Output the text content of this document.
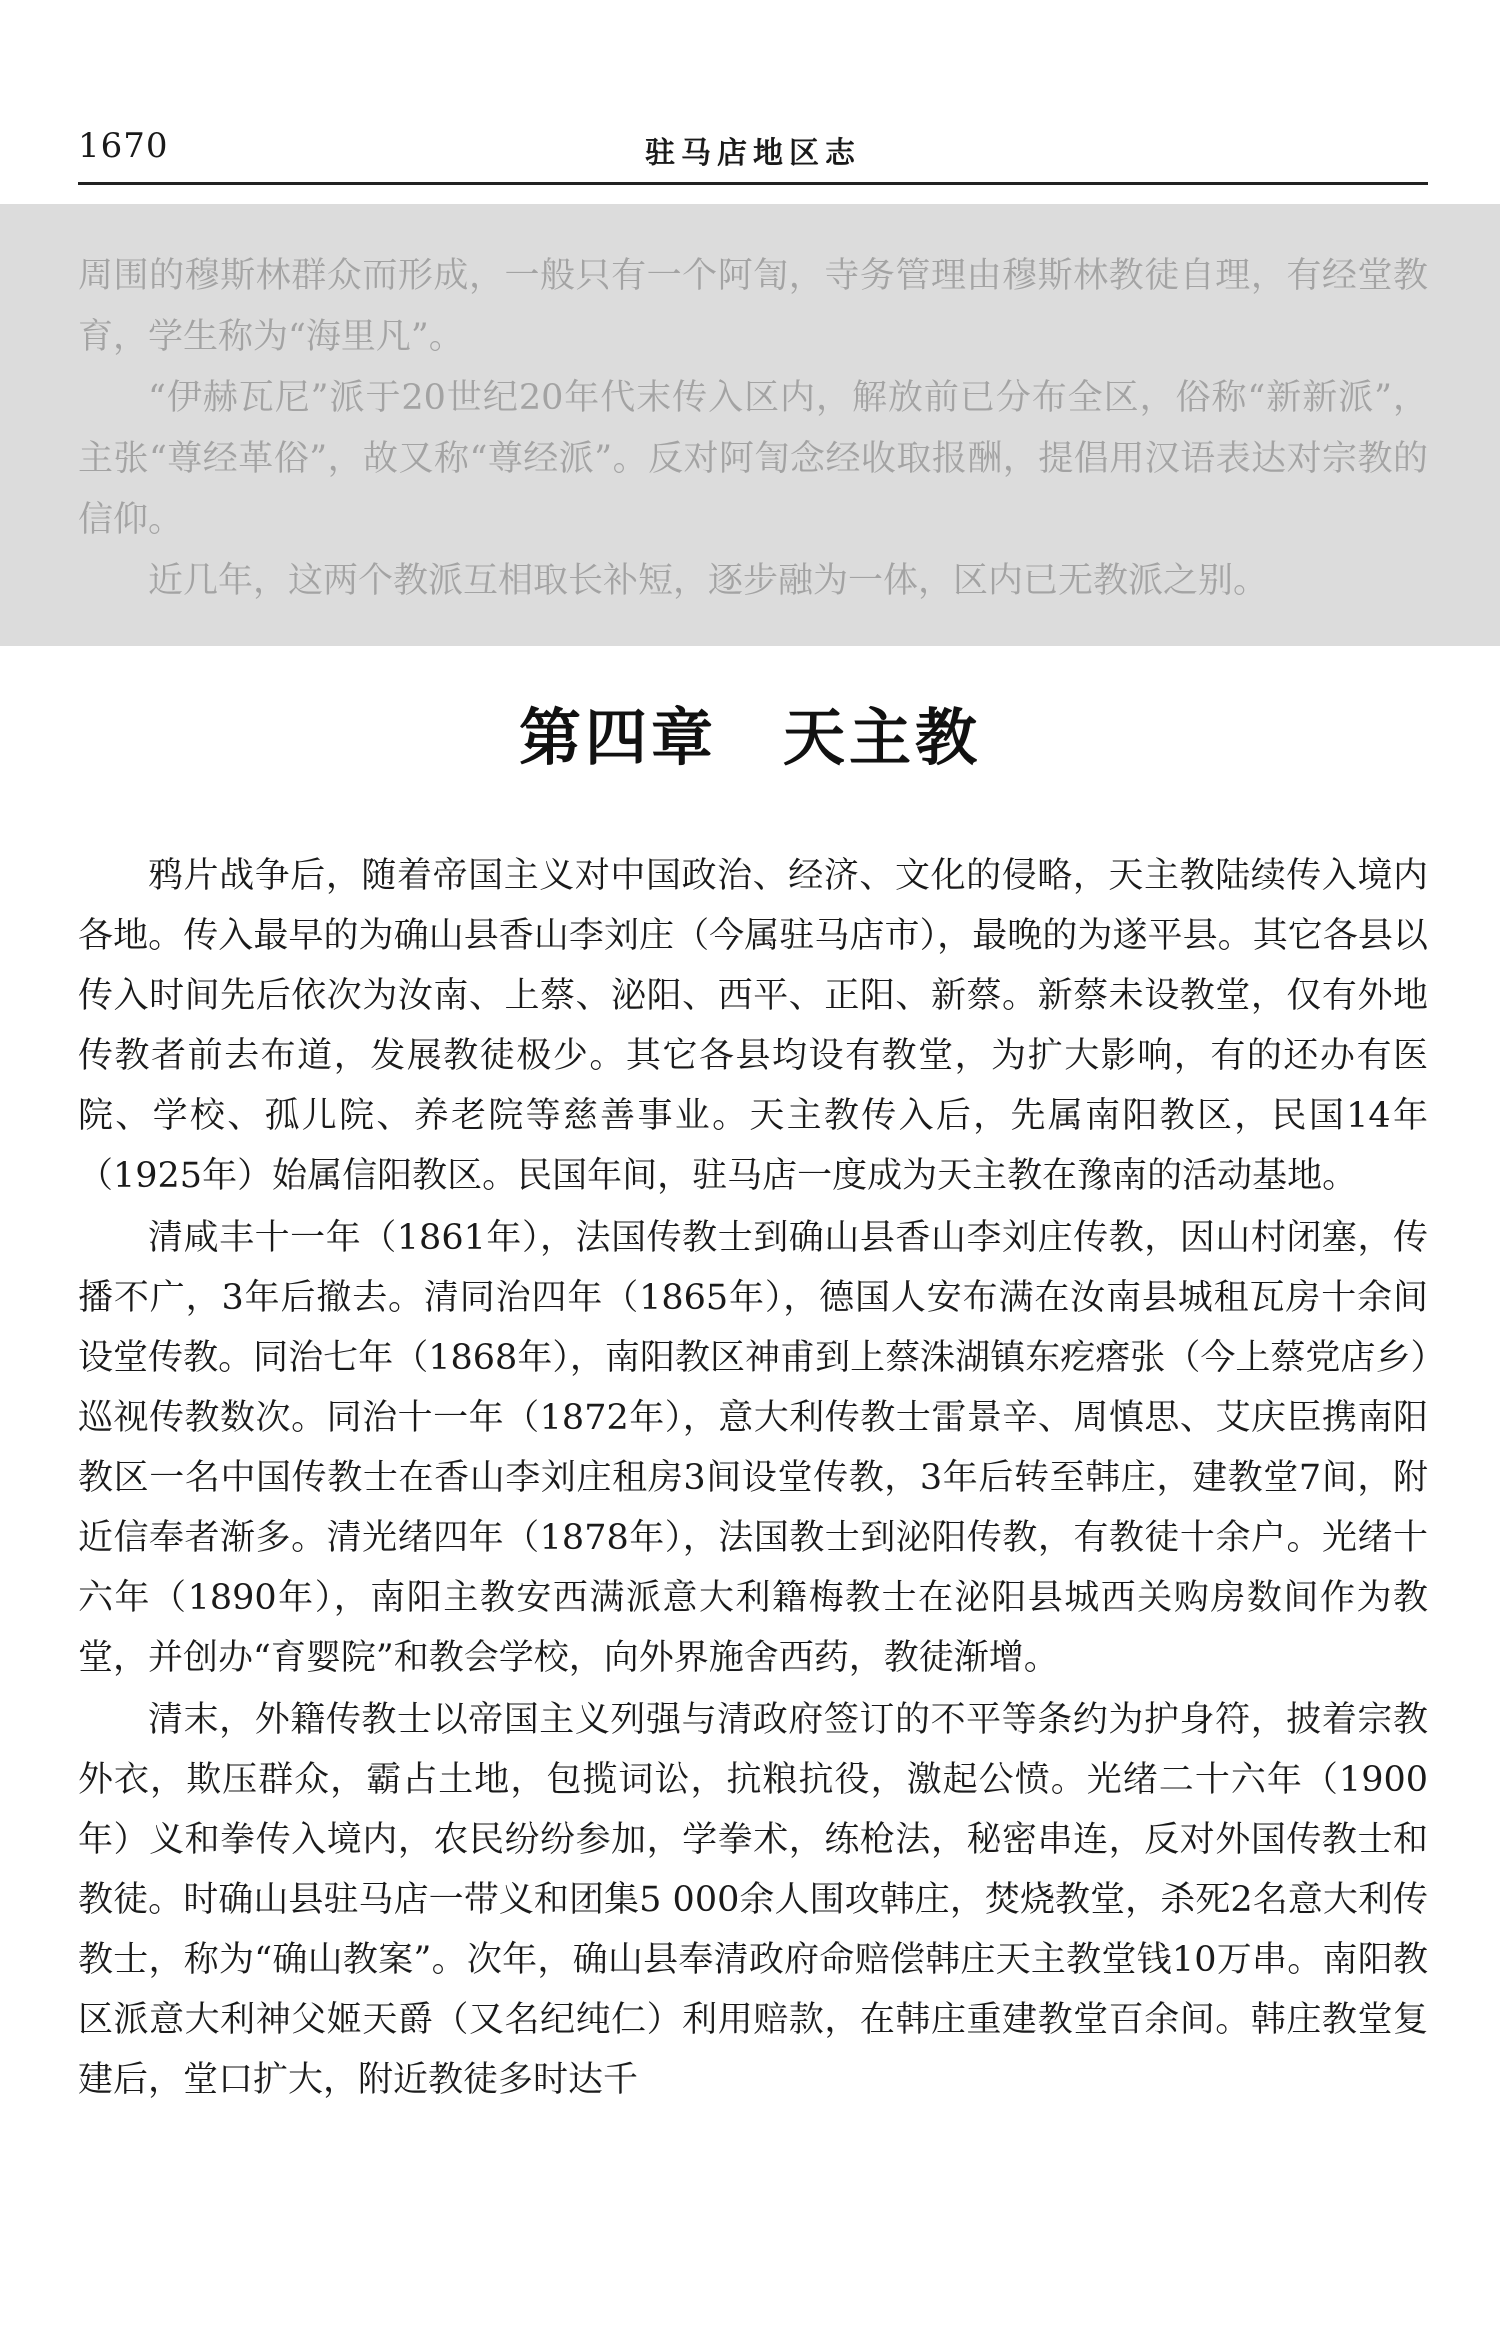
1670	驻马店地区志

周围的穆斯林群众而形成，一般只有一个阿訇，寺务管理由穆斯林教徒自理，有经堂教育，学生称为“海里凡”。

“伊赫瓦尼”派于20世纪20年代末传入区内，解放前已分布全区，俗称“新新派”，主张“尊经革俗”，故又称“尊经派”。反对阿訇念经收取报酬，提倡用汉语表达对宗教的信仰。

近几年，这两个教派互相取长补短，逐步融为一体，区内已无教派之别。

第四章　天主教

鸦片战争后，随着帝国主义对中国政治、经济、文化的侵略，天主教陆续传入境内各地。传入最早的为确山县香山李刘庄（今属驻马店市），最晚的为遂平县。其它各县以传入时间先后依次为汝南、上蔡、泌阳、西平、正阳、新蔡。新蔡未设教堂，仅有外地传教者前去布道，发展教徒极少。其它各县均设有教堂，为扩大影响，有的还办有医院、学校、孤儿院、养老院等慈善事业。天主教传入后，先属南阳教区，民国14年（1925年）始属信阳教区。民国年间，驻马店一度成为天主教在豫南的活动基地。

清咸丰十一年（1861年），法国传教士到确山县香山李刘庄传教，因山村闭塞，传播不广，3年后撤去。清同治四年（1865年），德国人安布满在汝南县城租瓦房十余间设堂传教。同治七年（1868年），南阳教区神甫到上蔡洙湖镇东疙瘩张（今上蔡党店乡）巡视传教数次。同治十一年（1872年），意大利传教士雷景辛、周慎思、艾庆臣携南阳教区一名中国传教士在香山李刘庄租房3间设堂传教，3年后转至韩庄，建教堂7间，附近信奉者渐多。清光绪四年（1878年），法国教士到泌阳传教，有教徒十余户。光绪十六年（1890年），南阳主教安西满派意大利籍梅教士在泌阳县城西关购房数间作为教堂，并创办“育婴院”和教会学校，向外界施舍西药，教徒渐增。

清末，外籍传教士以帝国主义列强与清政府签订的不平等条约为护身符，披着宗教外衣，欺压群众，霸占土地，包揽词讼，抗粮抗役，激起公愤。光绪二十六年（1900年）义和拳传入境内，农民纷纷参加，学拳术，练枪法，秘密串连，反对外国传教士和教徒。时确山县驻马店一带义和团集5 000余人围攻韩庄，焚烧教堂，杀死2名意大利传教士，称为“确山教案”。次年，确山县奉清政府命赔偿韩庄天主教堂钱10万串。南阳教区派意大利神父姬天爵（又名纪纯仁）利用赔款，在韩庄重建教堂百余间。韩庄教堂复建后，堂口扩大，附近教徒多时达千
